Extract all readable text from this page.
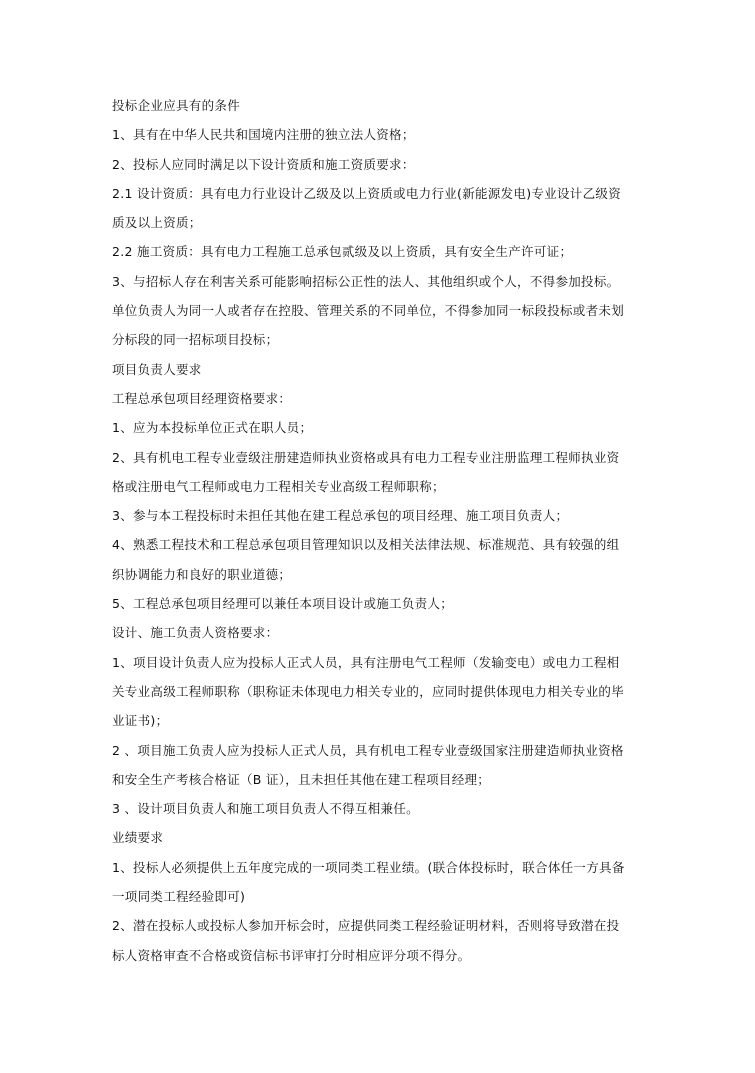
投标企业应具有的条件
1、具有在中华人民共和国境内注册的独立法人资格；
2、投标人应同时满足以下设计资质和施工资质要求：
2.1 设计资质：具有电力行业设计乙级及以上资质或电力行业(新能源发电)专业设计乙级资
质及以上资质；
2.2 施工资质：具有电力工程施工总承包贰级及以上资质，具有安全生产许可证；
3、与招标人存在利害关系可能影响招标公正性的法人、其他组织或个人，不得参加投标。
单位负责人为同一人或者存在控股、管理关系的不同单位，不得参加同一标段投标或者未划
分标段的同一招标项目投标；
项目负责人要求
工程总承包项目经理资格要求：
1、应为本投标单位正式在职人员；
2、具有机电工程专业壹级注册建造师执业资格或具有电力工程专业注册监理工程师执业资
格或注册电气工程师或电力工程相关专业高级工程师职称；
3、参与本工程投标时未担任其他在建工程总承包的项目经理、施工项目负责人；
4、熟悉工程技术和工程总承包项目管理知识以及相关法律法规、标准规范、具有较强的组
织协调能力和良好的职业道德；
5、工程总承包项目经理可以兼任本项目设计或施工负责人；
设计、施工负责人资格要求：
1、项目设计负责人应为投标人正式人员，具有注册电气工程师（发输变电）或电力工程相
关专业高级工程师职称（职称证未体现电力相关专业的，应同时提供体现电力相关专业的毕
业证书)；
2 、项目施工负责人应为投标人正式人员，具有机电工程专业壹级国家注册建造师执业资格
和安全生产考核合格证（B 证），且未担任其他在建工程项目经理；
3 、设计项目负责人和施工项目负责人不得互相兼任。
业绩要求
1、投标人必须提供上五年度完成的一项同类工程业绩。(联合体投标时，联合体任一方具备
一项同类工程经验即可)
2、潜在投标人或投标人参加开标会时，应提供同类工程经验证明材料，否则将导致潜在投
标人资格审查不合格或资信标书评审打分时相应评分项不得分。
